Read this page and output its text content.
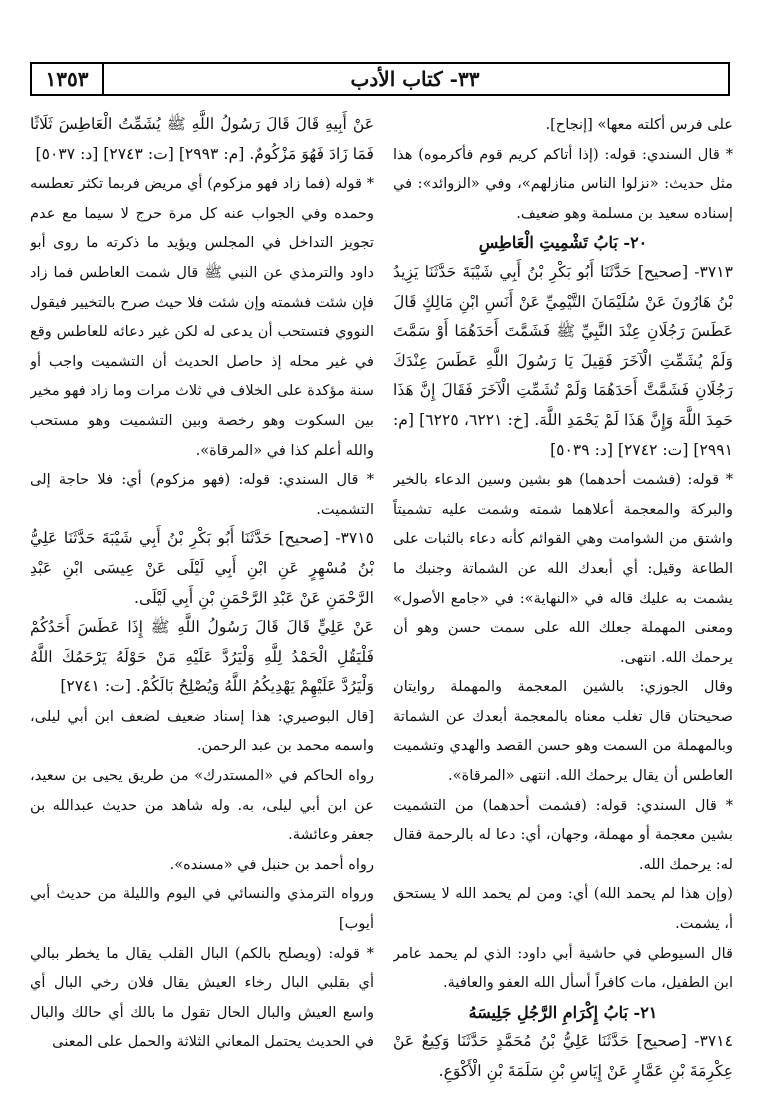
١٣٥٣	٣٣- كتاب الأدب

على فرس أكلته معها» [إنجاح].

* قال السندي: قوله: (إذا أتاكم كريم قوم فأكرموه) هذا مثل حديث: «نزلوا الناس منازلهم»، وفي «الزوائد»: في إسناده سعيد بن مسلمة وهو ضعيف.

٢٠- بَابُ تَشْمِيتِ الْعَاطِسِ

٣٧١٣- [صحيح] حَدَّثَنَا أَبُو بَكْرِ بْنُ أَبِي شَيْبَةَ حَدَّثَنَا يَزِيدُ بْنُ هَارُونَ عَنْ سُلَيْمَانَ التَّيْمِيِّ عَنْ أَنَسِ ابْنِ مَالِكٍ قَالَ عَطَسَ رَجُلَانِ عِنْدَ النَّبِيِّ ﷺ فَشَمَّتَ أَحَدَهُمَا أَوْ سَمَّتَ وَلَمْ يُشَمِّتِ الْآخَرَ فَقِيلَ يَا رَسُولَ اللَّهِ عَطَسَ عِنْدَكَ رَجُلَانِ فَشَمَّتَّ أَحَدَهُمَا وَلَمْ تُشَمِّتِ الْآخَرَ فَقَالَ إِنَّ هَذَا حَمِدَ اللَّهَ وَإِنَّ هَذَا لَمْ يَحْمَدِ اللَّهَ. [خ: ٦٢٢١، ٦٢٢٥] [م: ٢٩٩١] [ت: ٢٧٤٢] [د: ٥٠٣٩]

* قوله: (فشمت أحدهما) هو بشين وسين الدعاء بالخير والبركة والمعجمة أعلاهما شمته وشمت عليه تشميتاً واشتق من الشوامت وهي القوائم كأنه دعاء بالثبات على الطاعة وقيل: أي أبعدك الله عن الشماتة وجنبك ما يشمت به عليك قاله في «النهاية»: في «جامع الأصول» ومعنى المهملة جعلك الله على سمت حسن وهو أن يرحمك الله. انتهى.

وقال الجوزي: بالشين المعجمة والمهملة روايتان صحيحتان قال تغلب معناه بالمعجمة أبعدك عن الشماتة وبالمهملة من السمت وهو حسن القصد والهدي وتشميت العاطس أن يقال يرحمك الله. انتهى «المرقاة».

* قال السندي: قوله: (فشمت أحدهما) من التشميت بشين معجمة أو مهملة، وجهان، أي: دعا له بالرحمة فقال له: يرحمك الله.

(وإن هذا لم يحمد الله) أي: ومن لم يحمد الله لا يستحق أ، يشمت.

قال السيوطي في حاشية أبي داود: الذي لم يحمد عامر ابن الطفيل، مات كافراً أسأل الله العفو والعافية.

٢١- بَابُ إِكْرَامِ الرَّجُلِ جَلِيسَهُ

٣٧١٤- [صحيح] حَدَّثَنَا عَلِيُّ بْنُ مُحَمَّدٍ حَدَّثَنَا وَكِيعٌ عَنْ عِكْرِمَةَ بْنِ عَمَّارٍ عَنْ إِيَاسِ بْنِ سَلَمَةَ بْنِ الْأَكْوَعِ.

عَنْ أَبِيهِ قَالَ قَالَ رَسُولُ اللَّهِ ﷺ يُشَمِّتُ الْعَاطِسَ ثَلَاثًا فَمَا زَادَ فَهُوَ مَزْكُومٌ. [م: ٢٩٩٣] [ت: ٢٧٤٣] [د: ٥٠٣٧]

* قوله (فما زاد فهو مزكوم) أي مريض فربما تكثر تعطسه وحمده وفي الجواب عنه كل مرة حرج لا سيما مع عدم تجويز التداخل في المجلس ويؤيد ما ذكرته ما روى أبو داود والترمذي عن النبي ﷺ قال شمت العاطس فما زاد فإن شئت فشمته وإن شئت فلا حيث صرح بالتخيير فيقول النووي فتستحب أن يدعى له لكن غير دعائه للعاطس وقع في غير محله إذ حاصل الحديث أن التشميت واجب أو سنة مؤكدة على الخلاف في ثلاث مرات وما زاد فهو مخير بين السكوت وهو رخصة وبين التشميت وهو مستحب والله أعلم كذا في «المرقاة».

* قال السندي: قوله: (فهو مزكوم) أي: فلا حاجة إلى التشميت.

٣٧١٥- [صحيح] حَدَّثَنَا أَبُو بَكْرِ بْنُ أَبِي شَيْبَةَ حَدَّثَنَا عَلِيُّ بْنُ مُسْهِرٍ عَنِ ابْنِ أَبِي لَيْلَى عَنْ عِيسَى ابْنِ عَبْدِ الرَّحْمَنِ عَنْ عَبْدِ الرَّحْمَنِ بْنِ أَبِي لَيْلَى.

عَنْ عَلِيٍّ قَالَ قَالَ رَسُولُ اللَّهِ ﷺ إِذَا عَطَسَ أَحَدُكُمْ فَلْيَقُلِ الْحَمْدُ لِلَّهِ وَلْيَرُدَّ عَلَيْهِ مَنْ حَوْلَهُ يَرْحَمُكَ اللَّهُ وَلْيَرُدَّ عَلَيْهِمْ يَهْدِيكُمُ اللَّهُ وَيُصْلِحُ بَالَكُمْ. [ت: ٢٧٤١]

[قال البوصيري: هذا إسناد ضعيف لضعف ابن أبي ليلى، واسمه محمد بن عبد الرحمن.

رواه الحاكم في «المستدرك» من طريق يحيى بن سعيد، عن ابن أبي ليلى، به. وله شاهد من حديث عبدالله بن جعفر وعائشة.

رواه أحمد بن حنبل في «مسنده».

ورواه الترمذي والنسائي في اليوم والليلة من حديث أبي أيوب]

* قوله: (ويصلح بالكم) البال القلب يقال ما يخطر ببالي أي بقلبي البال رخاء العيش يقال فلان رخي البال أي واسع العيش والبال الحال تقول ما بالك أي حالك والبال في الحديث يحتمل المعاني الثلاثة والحمل على المعنى
